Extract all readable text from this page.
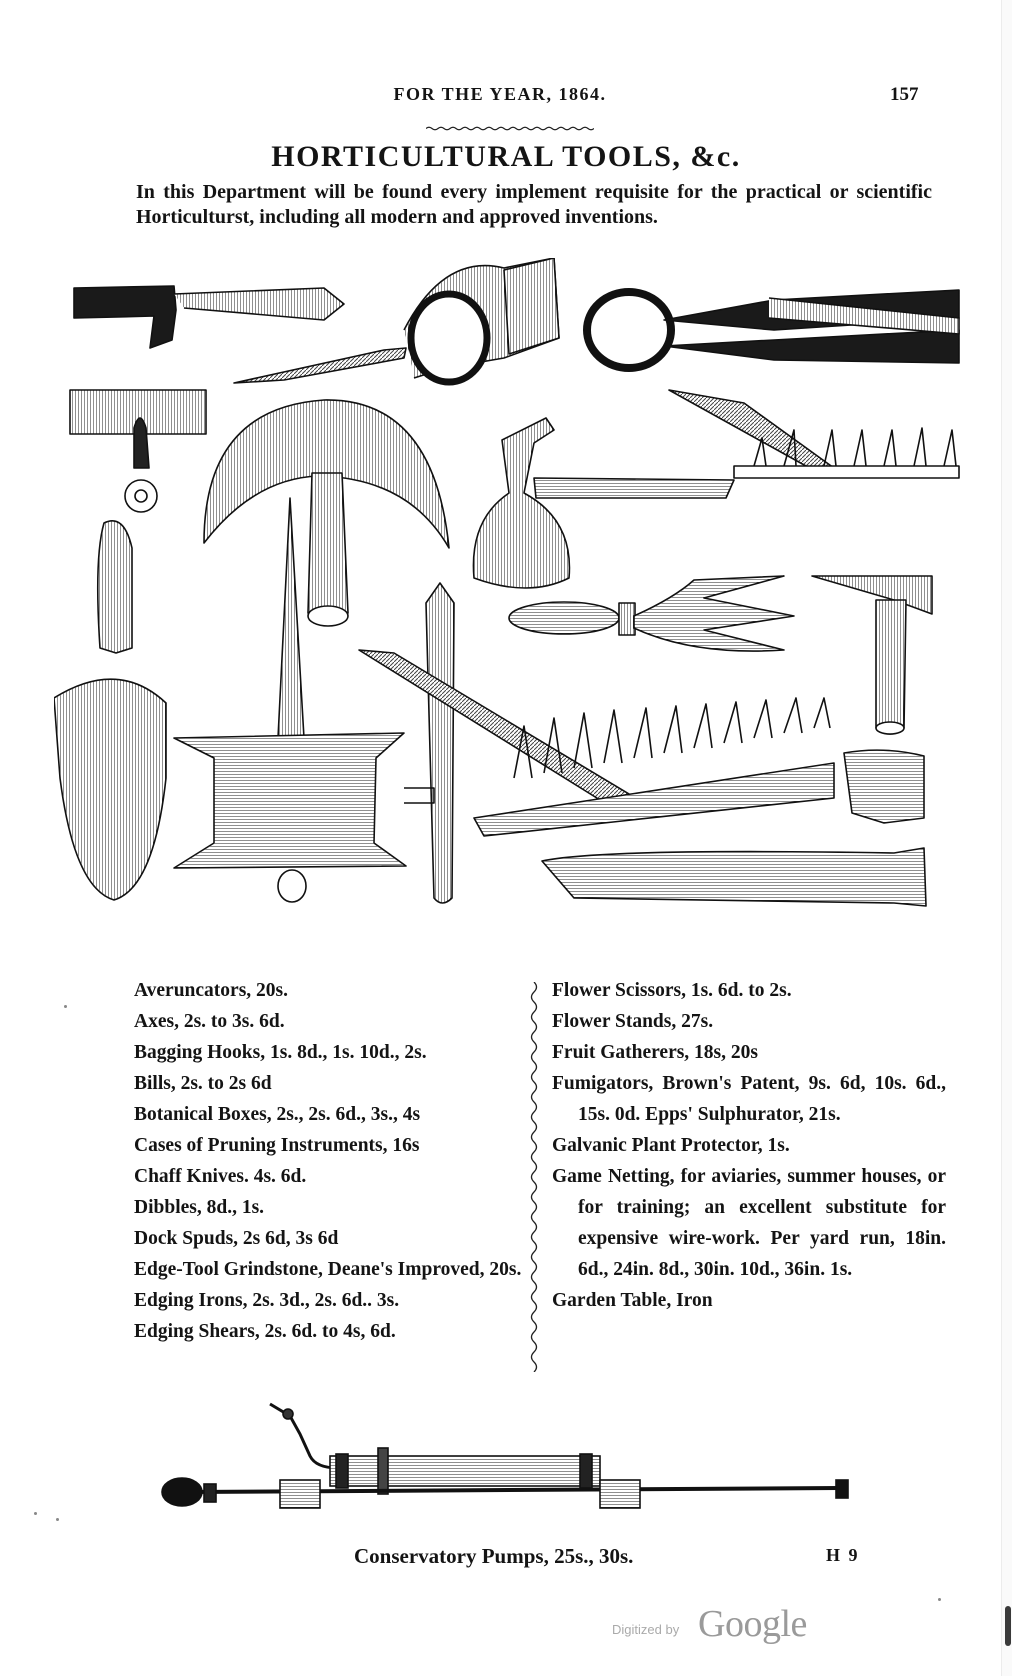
FOR THE YEAR, 1864.	157
HORTICULTURAL TOOLS, &c.
In this Department will be found every implement requisite for the practical or scientific Horticulturst, including all modern and approved inventions.

Averuncators, 20s.

Axes, 2s. to 3s. 6d.

Bagging Hooks, 1s. 8d., 1s. 10d., 2s.

Bills, 2s. to 2s 6d

Botanical Boxes, 2s., 2s. 6d., 3s., 4s

Cases of Pruning Instruments, 16s

Chaff Knives. 4s. 6d.

Dibbles, 8d., 1s.

Dock Spuds, 2s 6d, 3s 6d

Edge-Tool Grindstone, Deane's Improved, 20s.

Edging Irons, 2s. 3d., 2s. 6d.. 3s.

Edging Shears, 2s. 6d. to 4s, 6d.

Flower Scissors, 1s. 6d. to 2s.

Flower Stands, 27s.

Fruit Gatherers, 18s, 20s

Fumigators, Brown's Patent, 9s. 6d, 10s. 6d., 15s. 0d. Epps' Sulphurator, 21s.

Galvanic Plant Protector, 1s.

Game Netting, for aviaries, summer houses, or for training; an excellent substitute for expensive wire-work. Per yard run, 18in. 6d., 24in. 8d., 30in. 10d., 36in. 1s.

Garden Table, Iron

Conservatory Pumps, 25s., 30s.	H 9
Digitized by Google
